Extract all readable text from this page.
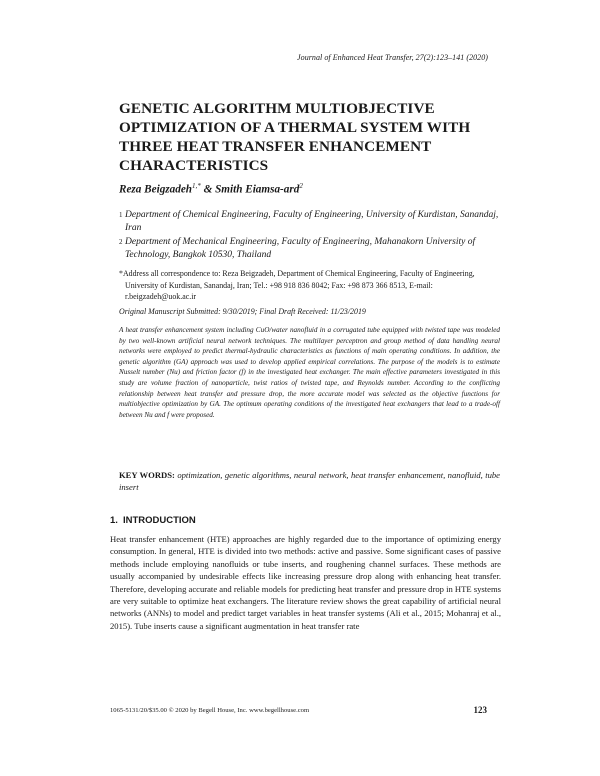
Journal of Enhanced Heat Transfer, 27(2):123–141 (2020)
GENETIC ALGORITHM MULTIOBJECTIVE OPTIMIZATION OF A THERMAL SYSTEM WITH THREE HEAT TRANSFER ENHANCEMENT CHARACTERISTICS
Reza Beigzadeh$^{1,*}$ & Smith Eiamsa-ard$^2$
1 Department of Chemical Engineering, Faculty of Engineering, University of Kurdistan, Sanandaj, Iran
2 Department of Mechanical Engineering, Faculty of Engineering, Mahanakorn University of Technology, Bangkok 10530, Thailand
*Address all correspondence to: Reza Beigzadeh, Department of Chemical Engineering, Faculty of Engineering, University of Kurdistan, Sanandaj, Iran; Tel.: +98 918 836 8042; Fax: +98 873 366 8513, E-mail: r.beigzadeh@uok.ac.ir
Original Manuscript Submitted: 9/30/2019; Final Draft Received: 11/23/2019

A heat transfer enhancement system including CuO/water nanofluid in a corrugated tube equipped with twisted tape was modeled by two well-known artificial neural network techniques. The multilayer perceptron and group method of data handling neural networks were employed to predict thermal-hydraulic characteristics as functions of main operating conditions. In addition, the genetic algorithm (GA) approach was used to develop applied empirical correlations. The purpose of the models is to estimate Nusselt number (Nu) and friction factor (f) in the investigated heat exchanger. The main effective parameters investigated in this study are volume fraction of nanoparticle, twist ratios of twisted tape, and Reynolds number. According to the conflicting relationship between heat transfer and pressure drop, the more accurate model was selected as the objective functions for multiobjective optimization by GA. The optimum operating conditions of the investigated heat exchangers that lead to a trade-off between Nu and f were proposed.

KEY WORDS: optimization, genetic algorithms, neural network, heat transfer enhancement, nanofluid, tube insert
1. INTRODUCTION

Heat transfer enhancement (HTE) approaches are highly regarded due to the importance of optimizing energy consumption. In general, HTE is divided into two methods: active and passive. Some significant cases of passive methods include employing nanofluids or tube inserts, and roughening channel surfaces. These methods are usually accompanied by undesirable effects like increasing pressure drop along with enhancing heat transfer. Therefore, developing accurate and reliable models for predicting heat transfer and pressure drop in HTE systems are very suitable to optimize heat exchangers. The literature review shows the great capability of artificial neural networks (ANNs) to model and predict target variables in heat transfer systems (Ali et al., 2015; Mohanraj et al., 2015). Tube inserts cause a significant augmentation in heat transfer rate

1065-5131/20/$35.00 © 2020 by Begell House, Inc. www.begellhouse.com	123
